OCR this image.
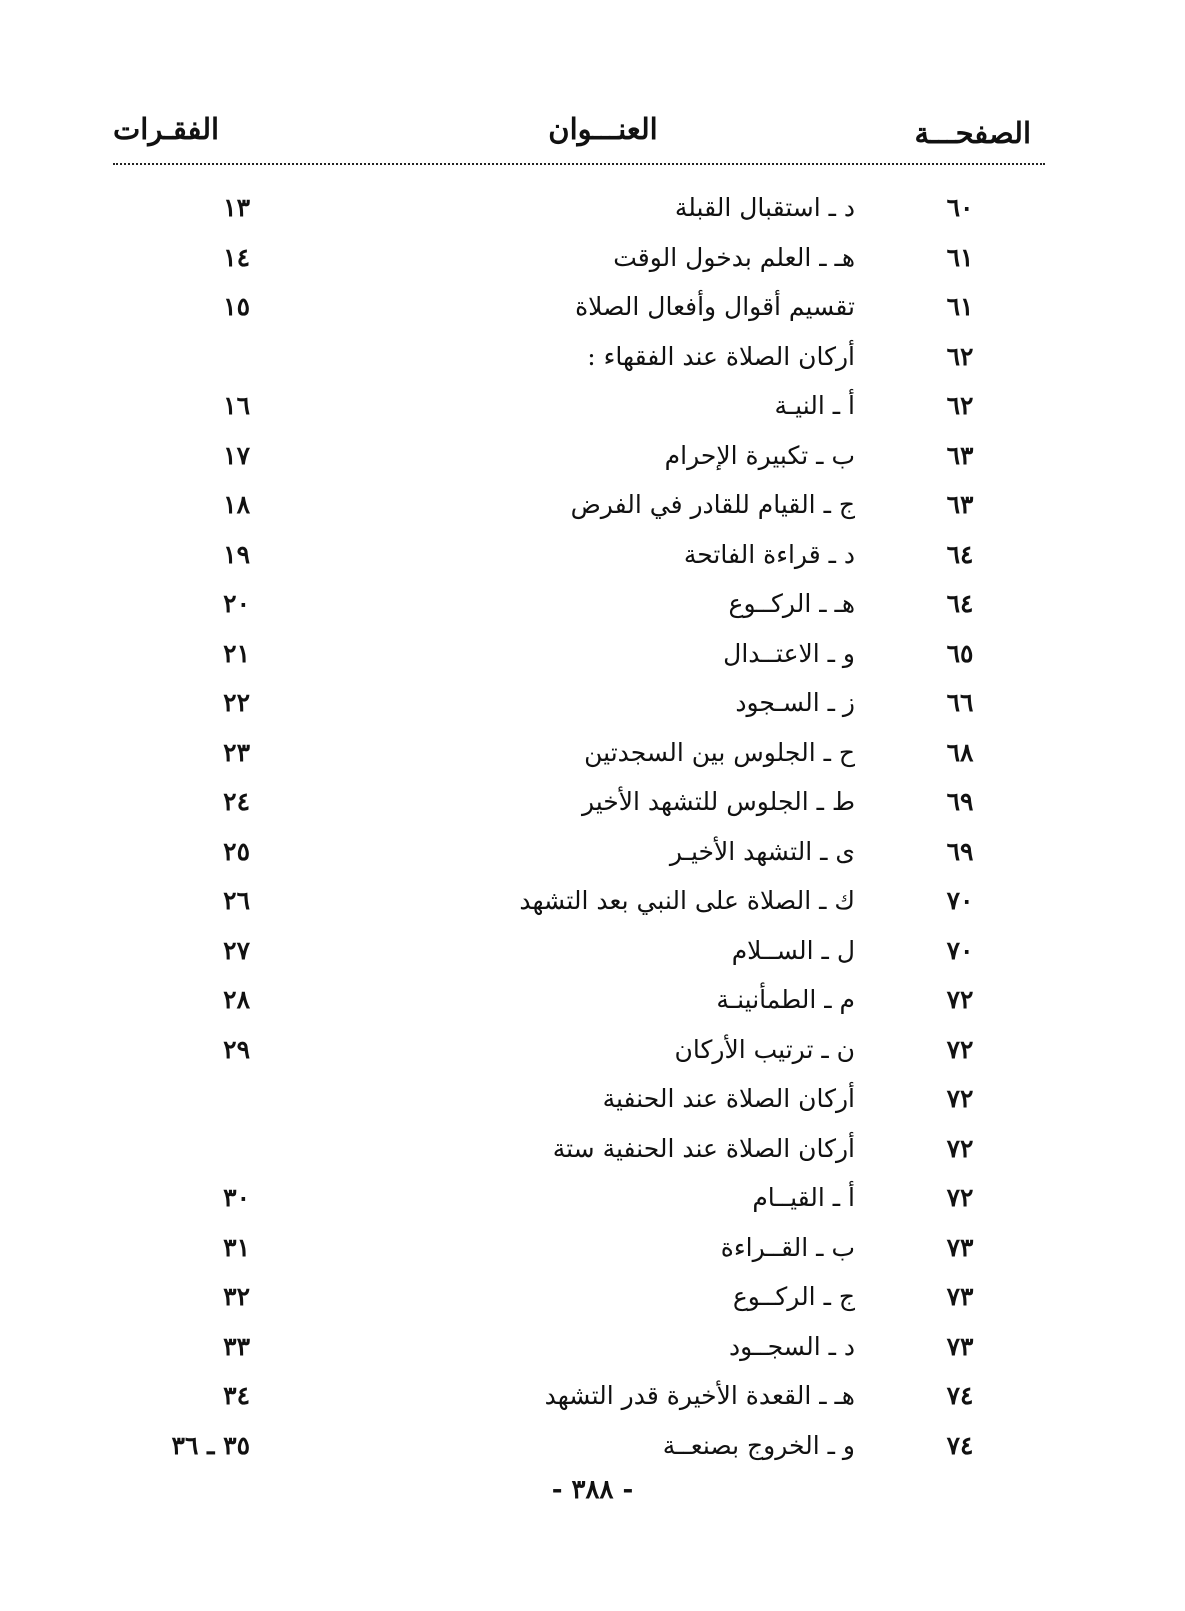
الصفحـــة
العنـــوان
الفقـرات
٦٠
د ـ استقبال القبلة
١٣
٦١
هـ ـ العلم بدخول الوقت
١٤
٦١
تقسيم أقوال وأفعال الصلاة
١٥
٦٢
أركان الصلاة عند الفقهاء :
٦٢
أ ـ النيـة
١٦
٦٣
ب ـ تكبيرة الإحرام
١٧
٦٣
ج ـ القيام للقادر في الفرض
١٨
٦٤
د ـ قراءة الفاتحة
١٩
٦٤
هـ ـ الركــوع
٢٠
٦٥
و ـ الاعتــدال
٢١
٦٦
ز ـ السـجود
٢٢
٦٨
ح ـ الجلوس بين السجدتين
٢٣
٦٩
ط ـ الجلوس للتشهد الأخير
٢٤
٦٩
ى ـ التشهد الأخيـر
٢٥
٧٠
ك ـ الصلاة على النبي بعد التشهد
٢٦
٧٠
ل ـ الســلام
٢٧
٧٢
م ـ الطمأنينـة
٢٨
٧٢
ن ـ ترتيب الأركان
٢٩
٧٢
أركان الصلاة عند الحنفية
٧٢
أركان الصلاة عند الحنفية ستة
٧٢
أ ـ القيــام
٣٠
٧٣
ب ـ القــراءة
٣١
٧٣
ج ـ الركــوع
٣٢
٧٣
د ـ السجــود
٣٣
٧٤
هـ ـ القعدة الأخيرة قدر التشهد
٣٤
٧٤
و ـ الخروج بصنعــة
٣٥ ـ ٣٦
- ٣٨٨ -
